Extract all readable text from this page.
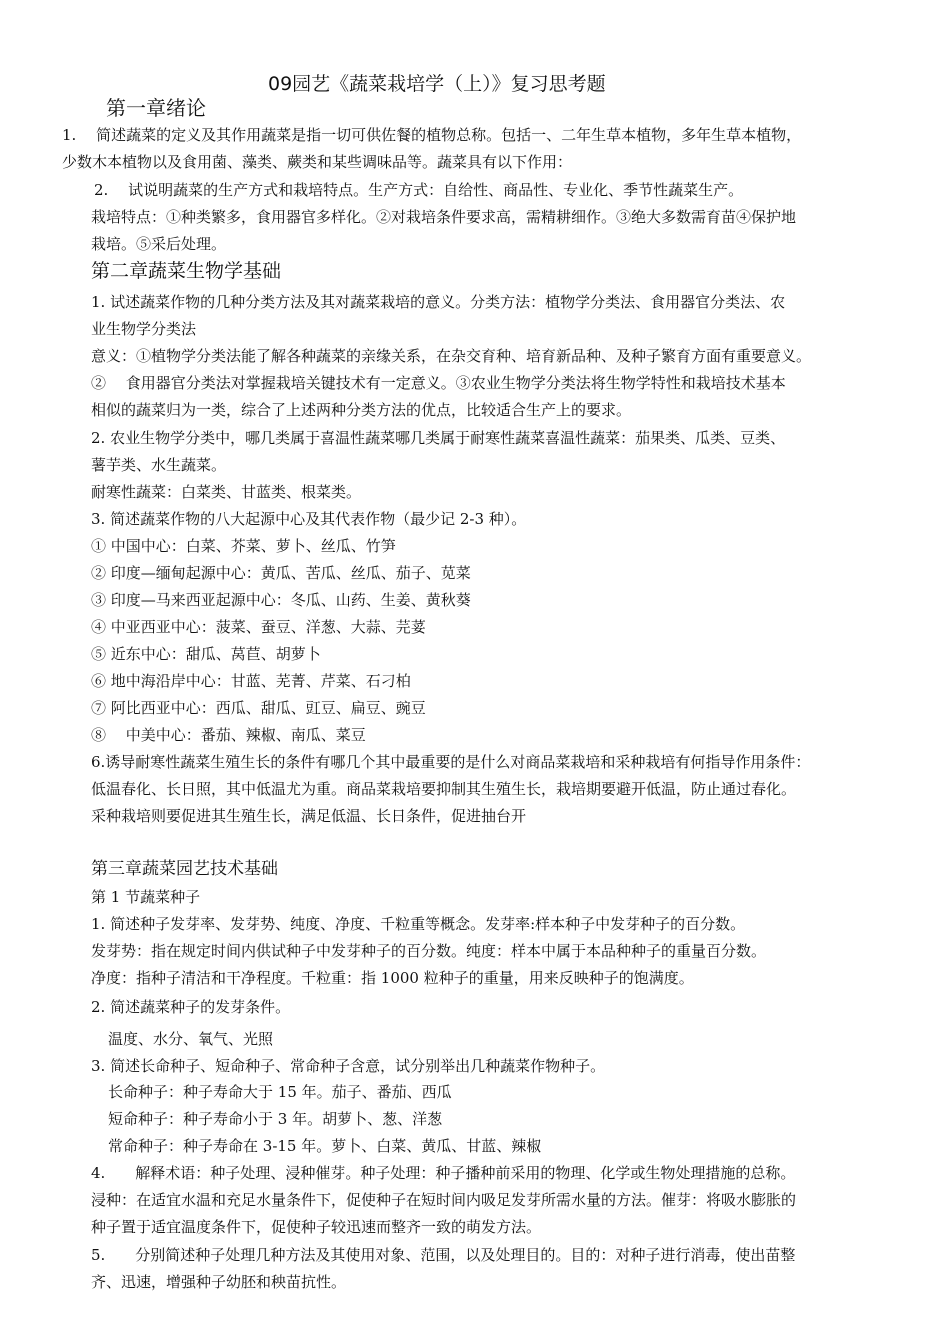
09园艺《蔬菜栽培学（上）》复习思考题
第一章绪论
1.　 简述蔬菜的定义及其作用蔬菜是指一切可供佐餐的植物总称。包括一、二年生草本植物，多年生草本植物，
少数木本植物以及食用菌、藻类、蕨类和某些调味品等。蔬菜具有以下作用：
2.　 试说明蔬菜的生产方式和栽培特点。生产方式：自给性、商品性、专业化、季节性蔬菜生产。
栽培特点：①种类繁多，食用器官多样化。②对栽培条件要求高，需精耕细作。③绝大多数需育苗④保护地
栽培。⑤采后处理。
第二章蔬菜生物学基础
1. 试述蔬菜作物的几种分类方法及其对蔬菜栽培的意义。分类方法：植物学分类法、食用器官分类法、农
业生物学分类法
意义：①植物学分类法能了解各种蔬菜的亲缘关系，在杂交育种、培育新品种、及种子繁育方面有重要意义。
②　 食用器官分类法对掌握栽培关键技术有一定意义。③农业生物学分类法将生物学特性和栽培技术基本
相似的蔬菜归为一类，综合了上述两种分类方法的优点，比较适合生产上的要求。
2. 农业生物学分类中，哪几类属于喜温性蔬菜哪几类属于耐寒性蔬菜喜温性蔬菜：茄果类、瓜类、豆类、
薯芋类、水生蔬菜。
耐寒性蔬菜：白菜类、甘蓝类、根菜类。
3. 简述蔬菜作物的八大起源中心及其代表作物（最少记 2-3 种）。
① 中国中心：白菜、芥菜、萝卜、丝瓜、竹笋
② 印度—缅甸起源中心：黄瓜、苦瓜、丝瓜、茄子、苋菜
③ 印度—马来西亚起源中心：冬瓜、山药、生姜、黄秋葵
④ 中亚西亚中心：菠菜、蚕豆、洋葱、大蒜、芫荽
⑤ 近东中心：甜瓜、莴苣、胡萝卜
⑥ 地中海沿岸中心：甘蓝、芜菁、芹菜、石刁柏
⑦ 阿比西亚中心：西瓜、甜瓜、豇豆、扁豆、豌豆
⑧　 中美中心：番茄、辣椒、南瓜、菜豆
6.诱导耐寒性蔬菜生殖生长的条件有哪几个其中最重要的是什么对商品菜栽培和采种栽培有何指导作用条件：
低温春化、长日照，其中低温尤为重。商品菜栽培要抑制其生殖生长，栽培期要避开低温，防止通过春化。
采种栽培则要促进其生殖生长，满足低温、长日条件，促进抽台开
第三章蔬菜园艺技术基础
第 1 节蔬菜种子
1. 简述种子发芽率、发芽势、纯度、净度、千粒重等概念。发芽率:样本种子中发芽种子的百分数。
发芽势：指在规定时间内供试种子中发芽种子的百分数。纯度：样本中属于本品种种子的重量百分数。
净度：指种子清洁和干净程度。千粒重：指 1000 粒种子的重量，用来反映种子的饱满度。
2. 简述蔬菜种子的发芽条件。
温度、水分、氧气、光照
3. 简述长命种子、短命种子、常命种子含意，试分别举出几种蔬菜作物种子。
长命种子：种子寿命大于 15 年。茄子、番茄、西瓜
短命种子：种子寿命小于 3 年。胡萝卜、葱、洋葱
常命种子：种子寿命在 3-15 年。萝卜、白菜、黄瓜、甘蓝、辣椒
4.　　解释术语：种子处理、浸种催芽。种子处理：种子播种前采用的物理、化学或生物处理措施的总称。
浸种：在适宜水温和充足水量条件下，促使种子在短时间内吸足发芽所需水量的方法。催芽：将吸水膨胀的
种子置于适宜温度条件下，促使种子较迅速而整齐一致的萌发方法。
5.　　分别简述种子处理几种方法及其使用对象、范围，以及处理目的。目的：对种子进行消毒，使出苗整
齐、迅速，增强种子幼胚和秧苗抗性。
